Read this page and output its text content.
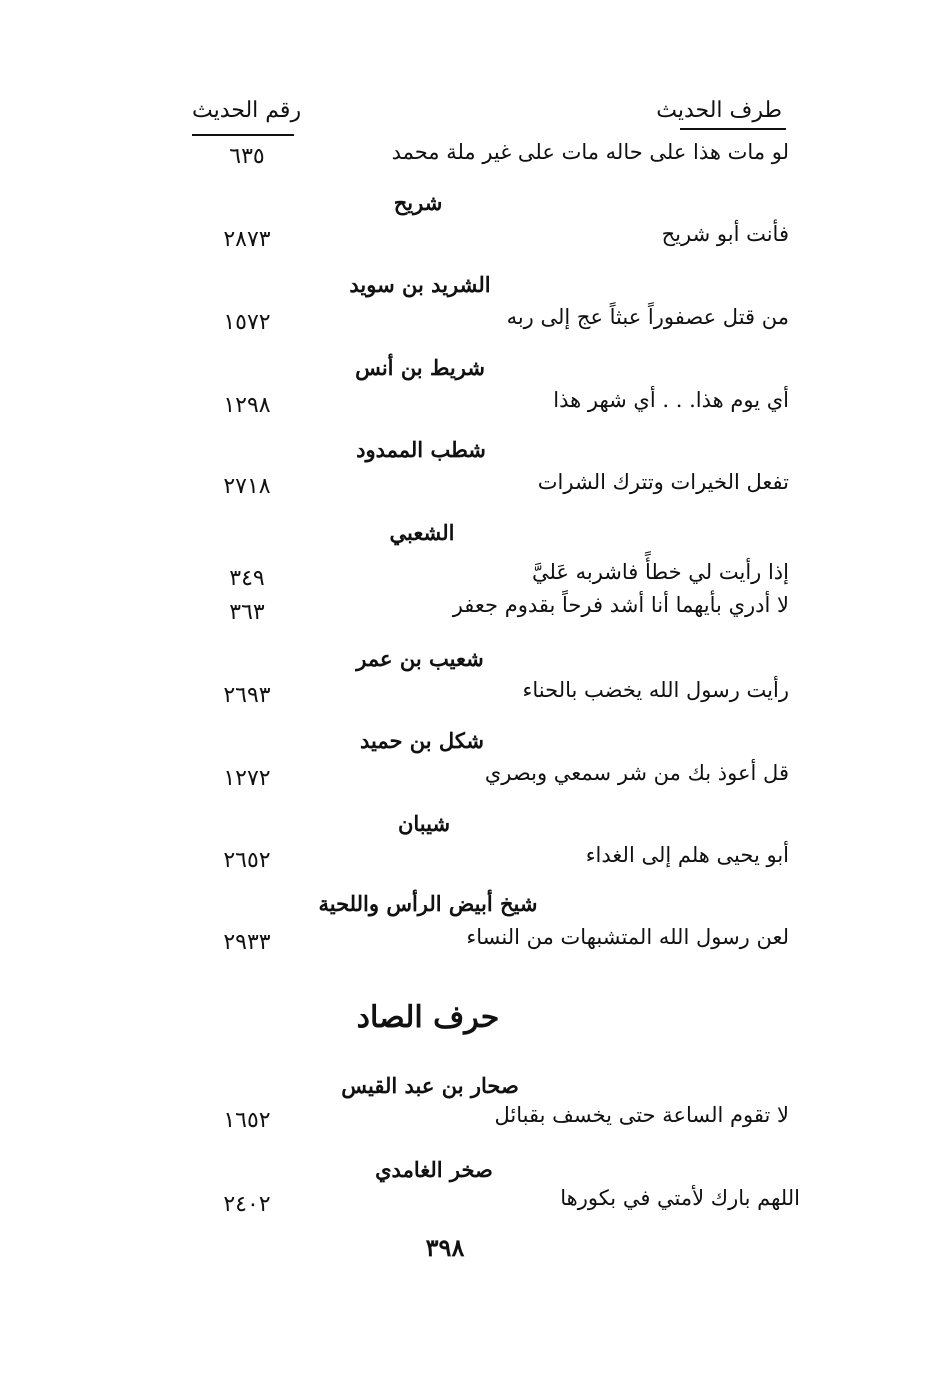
رقم الحديث	طرف الحديث
لو مات هذا على حاله مات على غير ملة محمد
٦٣٥
شريح
فأنت أبو شريح
٢٨٧٣
الشريد بن سويد
من قتل عصفوراً عبثاً عج إلى ربه
١٥٧٢
شريط بن أنس
أي يوم هذا. . . أي شهر هذا
١٢٩٨
شطب الممدود
تفعل الخيرات وتترك الشرات
٢٧١٨
الشعبي
إذا رأيت لي خطأً فاشربه عَليَّ
٣٤٩
لا أدري بأيهما أنا أشد فرحاً بقدوم جعفر
٣٦٣
شعيب بن عمر
رأيت رسول الله يخضب بالحناء
٢٦٩٣
شكل بن حميد
قل أعوذ بك من شر سمعي وبصري
١٢٧٢
شيبان
أبو يحيى هلم إلى الغداء
٢٦٥٢
شيخ أبيض الرأس واللحية
لعن رسول الله المتشبهات من النساء
٢٩٣٣
حرف الصاد
صحار بن عبد القيس
لا تقوم الساعة حتى يخسف بقبائل
١٦٥٢
صخر الغامدي
اللهم بارك لأمتي في بكورها
٢٤٠٢
٣٩٨
